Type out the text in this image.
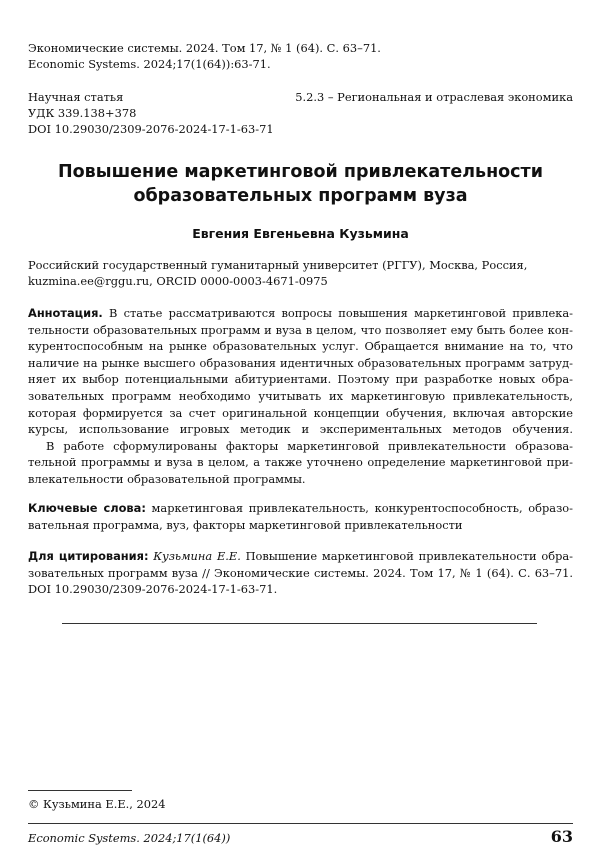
Экономические системы. 2024. Том 17, № 1 (64). С. 63–71.
Economic Systems. 2024;17(1(64)):63-71.
Научная статья
УДК 339.138+378
DOI 10.29030/2309-2076-2024-17-1-63-71
5.2.3 – Региональная и отраслевая экономика
Повышение маркетинговой привлекательности
образовательных программ вуза
Евгения Евгеньевна Кузьмина
Российский государственный гуманитарный университет (РГГУ), Москва, Россия,
kuzmina.ee@rggu.ru, ORCID 0000-0003-4671-0975
Аннотация. В статье рассматриваются вопросы повышения маркетинговой привлека-
тельности образовательных программ и вуза в целом, что позволяет ему быть более кон-
курентоспособным на рынке образовательных услуг. Обращается внимание на то, что
наличие на рынке высшего образования идентичных образовательных программ затруд-
няет их выбор потенциальными абитуриентами. Поэтому при разработке новых обра-
зовательных программ необходимо учитывать их маркетинговую привлекательность,
которая формируется за счет оригинальной концепции обучения, включая авторские
курсы, использование игровых методик и экспериментальных методов обучения.
В работе сформулированы факторы маркетинговой привлекательности образова-
тельной программы и вуза в целом, а также уточнено определение маркетинговой при-
влекательности образовательной программы.
Ключевые слова: маркетинговая привлекательность, конкурентоспособность, образо-
вательная программа, вуз, факторы маркетинговой привлекательности
Для цитирования: Кузьмина Е.Е. Повышение маркетинговой привлекательности обра-
зовательных программ вуза // Экономические системы. 2024. Том 17, № 1 (64). С. 63–71.
DOI 10.29030/2309-2076-2024-17-1-63-71.
© Кузьмина Е.Е., 2024
Economic Systems. 2024;17(1(64))	63
